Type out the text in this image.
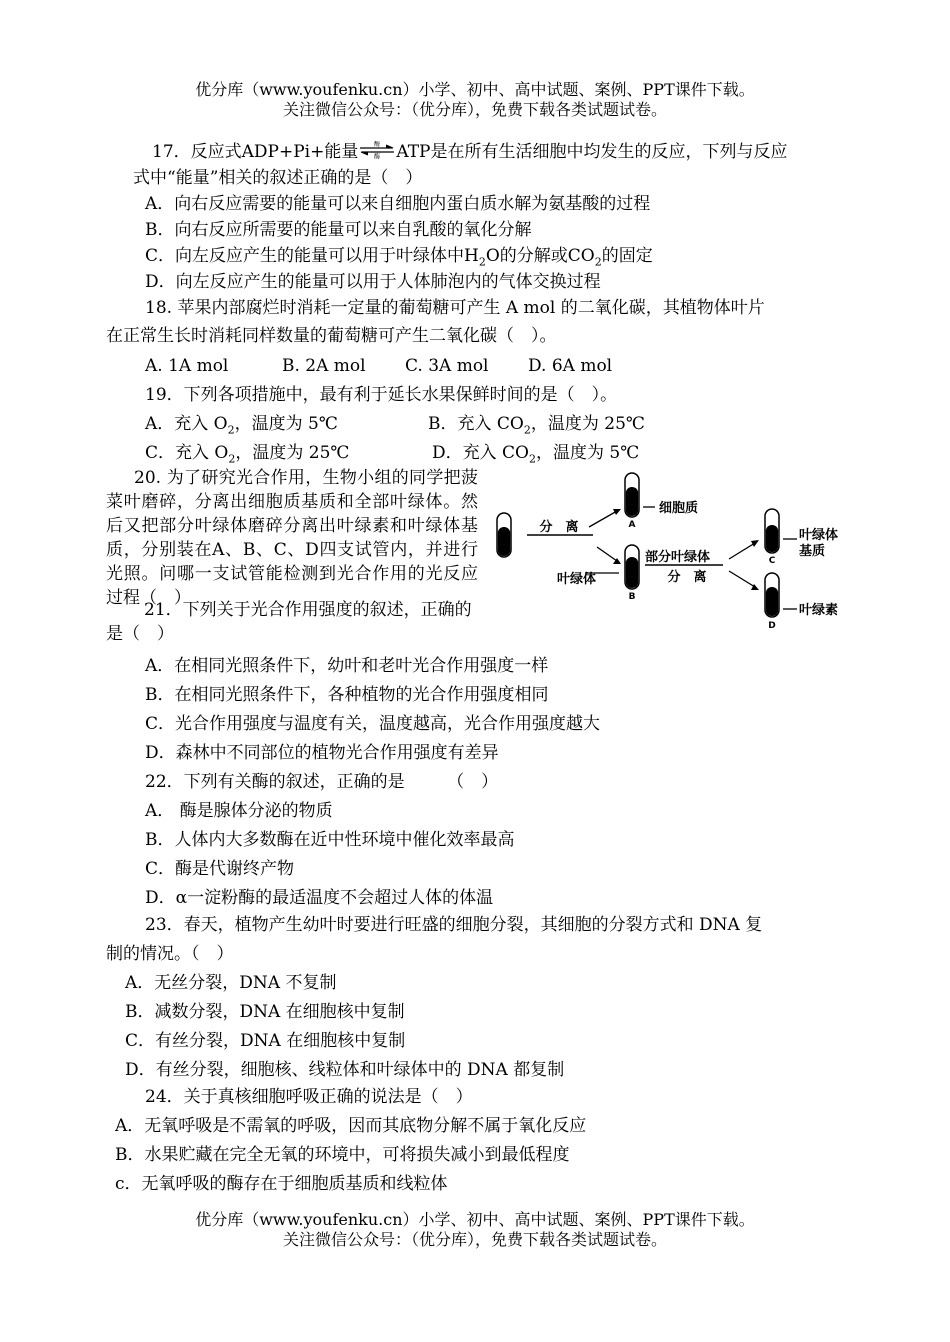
优分库（www.youfenku.cn）小学、初中、高中试题、案例、PPT课件下载。
关注微信公众号：（优分库），免费下载各类试题试卷。
17．反应式ADP+Pi+能量	酶
酶 ATP是在所有生活细胞中均发生的反应，下列与反应
式中“能量”相关的叙述正确的是（　）
A．向右反应需要的能量可以来自细胞内蛋白质水解为氨基酸的过程
B．向右反应所需要的能量可以来自乳酸的氧化分解
C．向左反应产生的能量可以用于叶绿体中$H_2O$的分解或$CO_2$的固定
D．向左反应产生的能量可以用于人体肺泡内的气体交换过程
18. 苹果内部腐烂时消耗一定量的葡萄糖可产生 A mol 的二氧化碳，其植物体叶片
在正常生长时消耗同样数量的葡萄糖可产生二氧化碳（　）。
A. 1A mol	B. 2A mol C. 3A mol D. 6A mol
19．下列各项措施中，最有利于延长水果保鲜时间的是（　）。
A．充入 $O_2$，温度为 5℃	B．充入 $CO_2$，温度为 25℃
C．充入 $O_2$，温度为 25℃	D．充入 $CO_2$，温度为 5℃
20. 为了研究光合作用，生物小组的同学把菠菜叶磨碎，分离出细胞质基质和全部叶绿体。然后又把部分叶绿体磨碎分离出叶绿素和叶绿体基质，分别装在A、B、C、D四支试管内，并进行光照。问哪一支试管能检测到光合作用的光反应过程（　）
分　离	A
细胞质
叶绿体
B
部分叶绿体
分　离
C
叶绿体
基质
D
叶绿素
21．下列关于光合作用强度的叙述，正确的是（　）
A．在相同光照条件下，幼叶和老叶光合作用强度一样
B．在相同光照条件下，各种植物的光合作用强度相同
C．光合作用强度与温度有关，温度越高，光合作用强度越大
D．森林中不同部位的植物光合作用强度有差异
22．下列有关酶的叙述，正确的是　　　（　）
A． 酶是腺体分泌的物质
B．人体内大多数酶在近中性环境中催化效率最高
C．酶是代谢终产物
D．α一淀粉酶的最适温度不会超过人体的体温
23．春天，植物产生幼叶时要进行旺盛的细胞分裂，其细胞的分裂方式和 DNA 复
制的情况。（　）
A．无丝分裂，DNA 不复制
B．减数分裂，DNA 在细胞核中复制
C．有丝分裂，DNA 在细胞核中复制
D．有丝分裂，细胞核、线粒体和叶绿体中的 DNA 都复制
24．关于真核细胞呼吸正确的说法是（　）
A．无氧呼吸是不需氧的呼吸，因而其底物分解不属于氧化反应
B．水果贮藏在完全无氧的环境中，可将损失减小到最低程度
c．无氧呼吸的酶存在于细胞质基质和线粒体
优分库（www.youfenku.cn）小学、初中、高中试题、案例、PPT课件下载。
关注微信公众号：（优分库），免费下载各类试题试卷。
